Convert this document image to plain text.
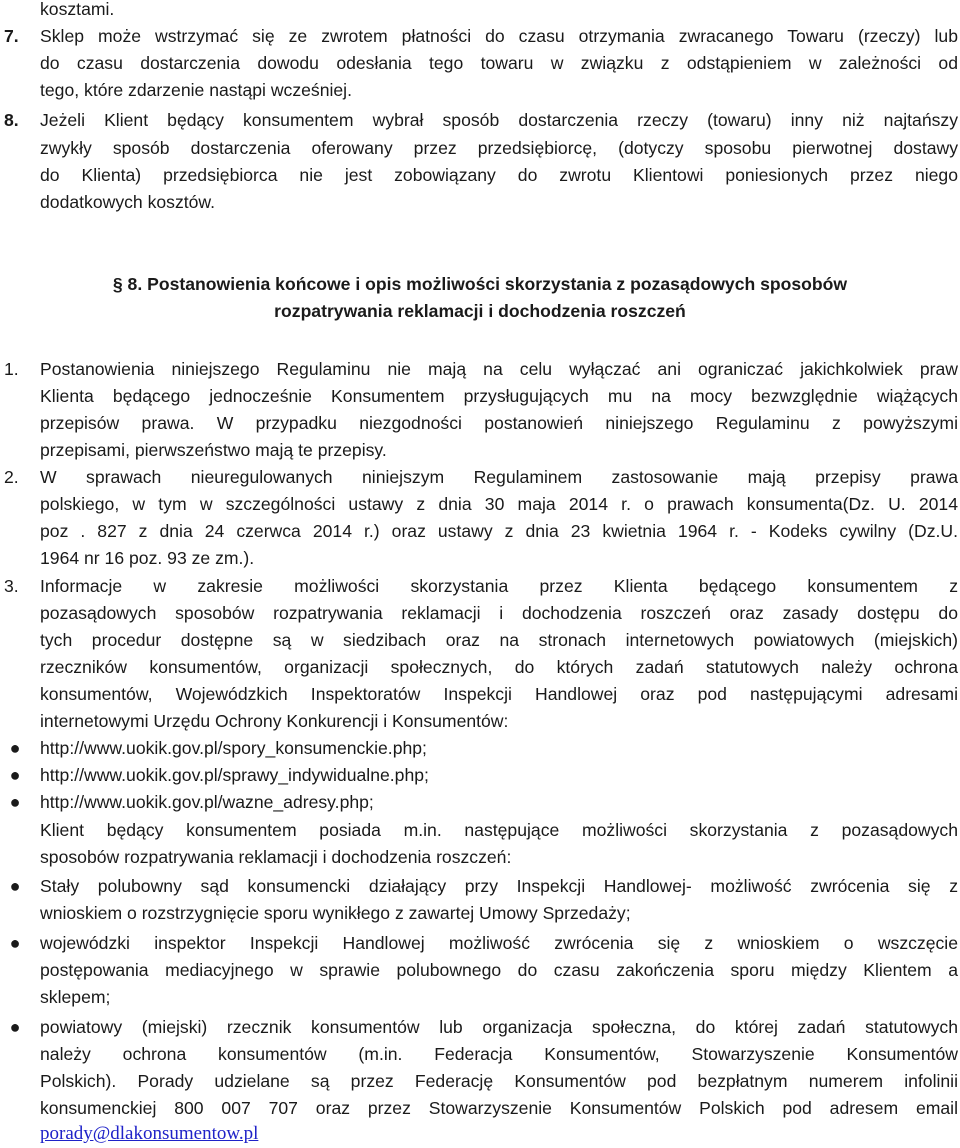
kosztami.
7.	Sklep może wstrzymać się ze zwrotem płatności do czasu otrzymania zwracanego Towaru (rzeczy) lub
do czasu dostarczenia dowodu odesłania tego towaru w związku z odstąpieniem w zależności od
tego, które zdarzenie nastąpi wcześniej.
8.	Jeżeli Klient będący konsumentem wybrał sposób dostarczenia rzeczy (towaru) inny niż najtańszy
zwykły sposób dostarczenia oferowany przez przedsiębiorcę, (dotyczy sposobu pierwotnej dostawy
do Klienta) przedsiębiorca nie jest zobowiązany do zwrotu Klientowi poniesionych przez niego
dodatkowych kosztów.
§ 8. Postanowienia końcowe i opis możliwości skorzystania z pozasądowych sposobów
rozpatrywania reklamacji i dochodzenia roszczeń
1.	Postanowienia niniejszego Regulaminu nie mają na celu wyłączać ani ograniczać jakichkolwiek praw
Klienta będącego jednocześnie Konsumentem przysługujących mu na mocy bezwzględnie wiążących
przepisów prawa. W przypadku niezgodności postanowień niniejszego Regulaminu z powyższymi
przepisami, pierwszeństwo mają te przepisy.
2.	W sprawach nieuregulowanych niniejszym Regulaminem zastosowanie mają przepisy prawa
polskiego, w tym w szczególności ustawy z dnia 30 maja 2014 r. o prawach konsumenta(Dz. U. 2014
poz . 827 z dnia 24 czerwca 2014 r.) oraz ustawy z dnia 23 kwietnia 1964 r. - Kodeks cywilny (Dz.U.
1964 nr 16 poz. 93 ze zm.).
3.	Informacje w zakresie możliwości skorzystania przez Klienta będącego konsumentem z
pozasądowych sposobów rozpatrywania reklamacji i dochodzenia roszczeń oraz zasady dostępu do
tych procedur dostępne są w siedzibach oraz na stronach internetowych powiatowych (miejskich)
rzeczników konsumentów, organizacji społecznych, do których zadań statutowych należy ochrona
konsumentów, Wojewódzkich Inspektoratów Inspekcji Handlowej oraz pod następującymi adresami
internetowymi Urzędu Ochrony Konkurencji i Konsumentów:
● http://www.uokik.gov.pl/spory_konsumenckie.php;
● http://www.uokik.gov.pl/sprawy_indywidualne.php;
● http://www.uokik.gov.pl/wazne_adresy.php;
Klient będący konsumentem posiada m.in. następujące możliwości skorzystania z pozasądowych
sposobów rozpatrywania reklamacji i dochodzenia roszczeń:
● Stały polubowny sąd konsumencki działający przy Inspekcji Handlowej- możliwość zwrócenia się z
wnioskiem o rozstrzygnięcie sporu wynikłego z zawartej Umowy Sprzedaży;
● wojewódzki inspektor Inspekcji Handlowej możliwość zwrócenia się z wnioskiem o wszczęcie
postępowania mediacyjnego w sprawie polubownego do czasu zakończenia sporu między Klientem a
sklepem;
● powiatowy (miejski) rzecznik konsumentów lub organizacja społeczna, do której zadań statutowych
należy ochrona konsumentów (m.in. Federacja Konsumentów, Stowarzyszenie Konsumentów
Polskich). Porady udzielane są przez Federację Konsumentów pod bezpłatnym numerem infolinii
konsumenckiej 800 007 707 oraz przez Stowarzyszenie Konsumentów Polskich pod adresem email
porady@dlakonsumentow.pl
